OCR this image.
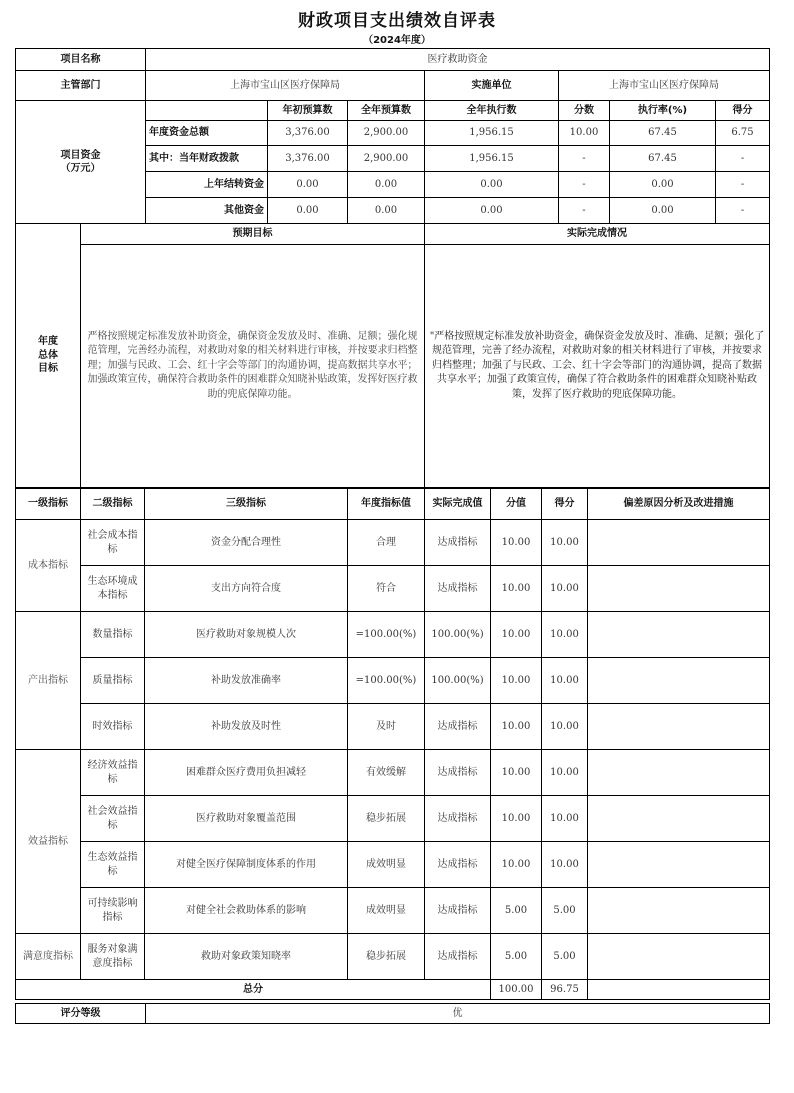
财政项目支出绩效自评表
（2024年度）
项目名称	医疗救助资金						
主管部门	上海市宝山区医疗保障局			实施单位	上海市宝山区医疗保障局		
项目资金
（万元）		年初预算数	全年预算数	全年执行数	分数	执行率(%)	得分
	年度资金总额	3,376.00	2,900.00	1,956.15	10.00	67.45	6.75
	其中：当年财政拨款	3,376.00	2,900.00	1,956.15	-	67.45	-
	上年结转资金	0.00	0.00	0.00	-	0.00	-
	其他资金	0.00	0.00	0.00	-	0.00	-
年度
总体
目标	预期目标	实际完成情况
	严格按照规定标准发放补助资金，确保资金发放及时、准确、足额；强化规范管理，完善经办流程，对救助对象的相关材料进行审核，并按要求归档整理；加强与民政、工会、红十字会等部门的沟通协调，提高数据共享水平；加强政策宣传，确保符合救助条件的困难群众知晓补贴政策，发挥好医疗救助的兜底保障功能。	"严格按照规定标准发放补助资金，确保资金发放及时、准确、足额；强化了规范管理，完善了经办流程，对救助对象的相关材料进行了审核，并按要求归档整理；加强了与民政、工会、红十字会等部门的沟通协调，提高了数据共享水平；加强了政策宣传，确保了符合救助条件的困难群众知晓补贴政策，发挥了医疗救助的兜底保障功能。
一级指标	二级指标	三级指标	年度指标值	实际完成值	分值	得分	偏差原因分析及改进措施
成本指标	社会成本指标	资金分配合理性	合理	达成指标	10.00	10.00	
	生态环境成本指标	支出方向符合度	符合	达成指标	10.00	10.00	
产出指标	数量指标	医疗救助对象规模人次	=100.00(%)	100.00(%)	10.00	10.00	
	质量指标	补助发放准确率	=100.00(%)	100.00(%)	10.00	10.00	
	时效指标	补助发放及时性	及时	达成指标	10.00	10.00	
效益指标	经济效益指标	困难群众医疗费用负担减轻	有效缓解	达成指标	10.00	10.00	
	社会效益指标	医疗救助对象覆盖范围	稳步拓展	达成指标	10.00	10.00	
	生态效益指标	对健全医疗保障制度体系的作用	成效明显	达成指标	10.00	10.00	
	可持续影响指标	对健全社会救助体系的影响	成效明显	达成指标	5.00	5.00	
满意度指标	服务对象满意度指标	救助对象政策知晓率	稳步拓展	达成指标	5.00	5.00	
总分					100.00	96.75	
评分等级	优
